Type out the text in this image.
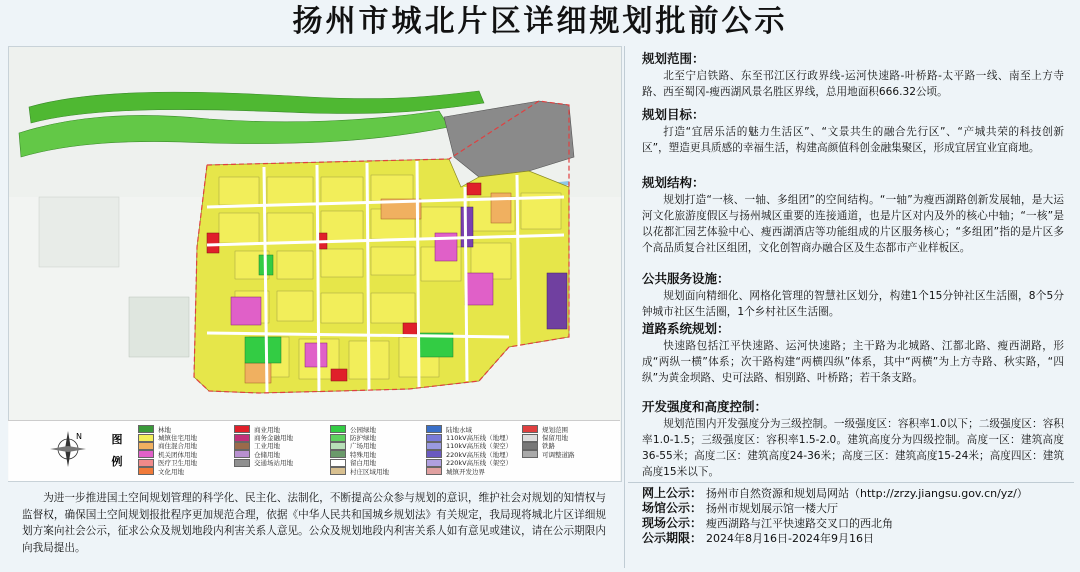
扬州市城北片区详细规划批前公示
N	图例
林地	商业用地	公园绿地	陆地水域	规划范围
城镇住宅用地	商务金融用地	防护绿地	110kV高压线（地埋）	保留用地
商住混合用地	工业用地	广场用地	110kV高压线（架空）	铁路
机关团体用地	仓储用地	特殊用地	220kV高压线（地埋）	可调整道路
医疗卫生用地	交通场站用地	留白用地	220kV高压线（架空）
文化用地	村庄区域用地	城镇开发边界
为进一步推进国土空间规划管理的科学化、民主化、法制化，不断提高公众参与规划的意识，维护社会对规划的知情权与监督权，确保国土空间规划报批程序更加规范合理，依据《中华人民共和国城乡规划法》有关规定，我局现将城北片区详细规划方案向社会公示，征求公众及规划地段内利害关系人意见。公众及规划地段内利害关系人如有意见或建议，请在公示期限内向我局提出。
规划范围：
北至宁启铁路、东至邗江区行政界线-运河快速路-叶桥路-太平路一线、南至上方寺路、西至蜀冈-瘦西湖风景名胜区界线，总用地面积666.32公顷。
规划目标：
打造“宜居乐活的魅力生活区”、“文景共生的融合先行区”、“产城共荣的科技创新区”，塑造更具质感的幸福生活，构建高颜值科创金融集聚区，形成宜居宜业宜商地。
规划结构：
规划打造“一核、一轴、多组团”的空间结构。“一轴”为瘦西湖路创新发展轴，是大运河文化旅游度假区与扬州城区重要的连接通道，也是片区对内及外的核心中轴；“一核”是以花都汇园艺体验中心、瘦西湖酒店等功能组成的片区服务核心；“多组团”指的是片区多个高品质复合社区组团，文化创智商办融合区及生态都市产业样板区。
公共服务设施：
规划面向精细化、网格化管理的智慧社区划分，构建1个15分钟社区生活圈，8个5分钟城市社区生活圈，1个乡村社区生活圈。
道路系统规划：
快速路包括江平快速路、运河快速路；主干路为北城路、江都北路、瘦西湖路，形成“两纵一横”体系；次干路构建“两横四纵”体系，其中“两横”为上方寺路、秋实路，“四纵”为黄金坝路、史可法路、相别路、叶桥路；若干条支路。
开发强度和高度控制：
规划范围内开发强度分为三级控制。一级强度区：容积率1.0以下；二级强度区：容积率1.0-1.5；三级强度区：容积率1.5-2.0。建筑高度分为四级控制。高度一区：建筑高度36-55米；高度二区：建筑高度24-36米；高度三区：建筑高度15-24米；高度四区：建筑高度15米以下。
网上公示： 扬州市自然资源和规划局网站（http://zrzy.jiangsu.gov.cn/yz/）
场馆公示： 扬州市规划展示馆一楼大厅
现场公示： 瘦西湖路与江平快速路交叉口的西北角
公示期限： 2024年8月16日-2024年9月16日
